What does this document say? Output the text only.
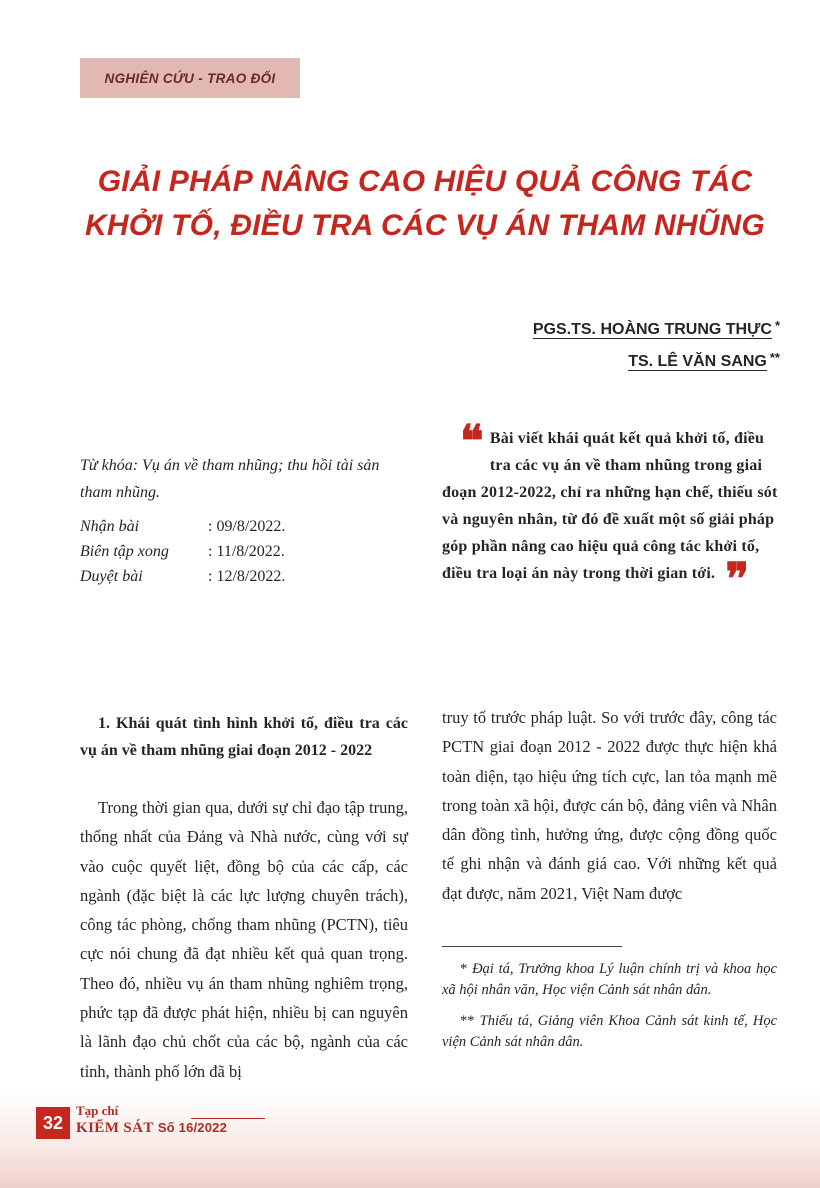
NGHIÊN CỨU - TRAO ĐỔI
GIẢI PHÁP NÂNG CAO HIỆU QUẢ CÔNG TÁC
KHỞI TỐ, ĐIỀU TRA CÁC VỤ ÁN THAM NHŨNG
PGS.TS. HOÀNG TRUNG THỰC *
TS. LÊ VĂN SANG **
Từ khóa: Vụ án về tham nhũng; thu hồi tài sản tham nhũng.
Nhận bài	: 09/8/2022.
Biên tập xong	: 11/8/2022.
Duyệt bài	: 12/8/2022.
❝ Bài viết khái quát kết quả khởi tố, điều tra các vụ án về tham nhũng trong giai đoạn 2012-2022, chỉ ra những hạn chế, thiếu sót và nguyên nhân, từ đó đề xuất một số giải pháp góp phần nâng cao hiệu quả công tác khởi tố, điều tra loại án này trong thời gian tới. ❞
1. Khái quát tình hình khởi tố, điều tra các vụ án về tham nhũng giai đoạn 2012 - 2022
Trong thời gian qua, dưới sự chỉ đạo tập trung, thống nhất của Đảng và Nhà nước, cùng với sự vào cuộc quyết liệt, đồng bộ của các cấp, các ngành (đặc biệt là các lực lượng chuyên trách), công tác phòng, chống tham nhũng (PCTN), tiêu cực nói chung đã đạt nhiều kết quả quan trọng. Theo đó, nhiều vụ án tham nhũng nghiêm trọng, phức tạp đã được phát hiện, nhiều bị can nguyên là lãnh đạo chủ chốt của các bộ, ngành của các tỉnh, thành phố lớn đã bị
truy tố trước pháp luật. So với trước đây, công tác PCTN giai đoạn 2012 - 2022 được thực hiện khá toàn diện, tạo hiệu ứng tích cực, lan tỏa mạnh mẽ trong toàn xã hội, được cán bộ, đảng viên và Nhân dân đồng tình, hưởng ứng, được cộng đồng quốc tế ghi nhận và đánh giá cao. Với những kết quả đạt được, năm 2021, Việt Nam được

* Đại tá, Trưởng khoa Lý luận chính trị và khoa học xã hội nhân văn, Học viện Cảnh sát nhân dân.

** Thiếu tá, Giảng viên Khoa Cảnh sát kinh tế, Học viện Cảnh sát nhân dân.

32
Tạp chí
KIỂM SÁT Số 16/2022
